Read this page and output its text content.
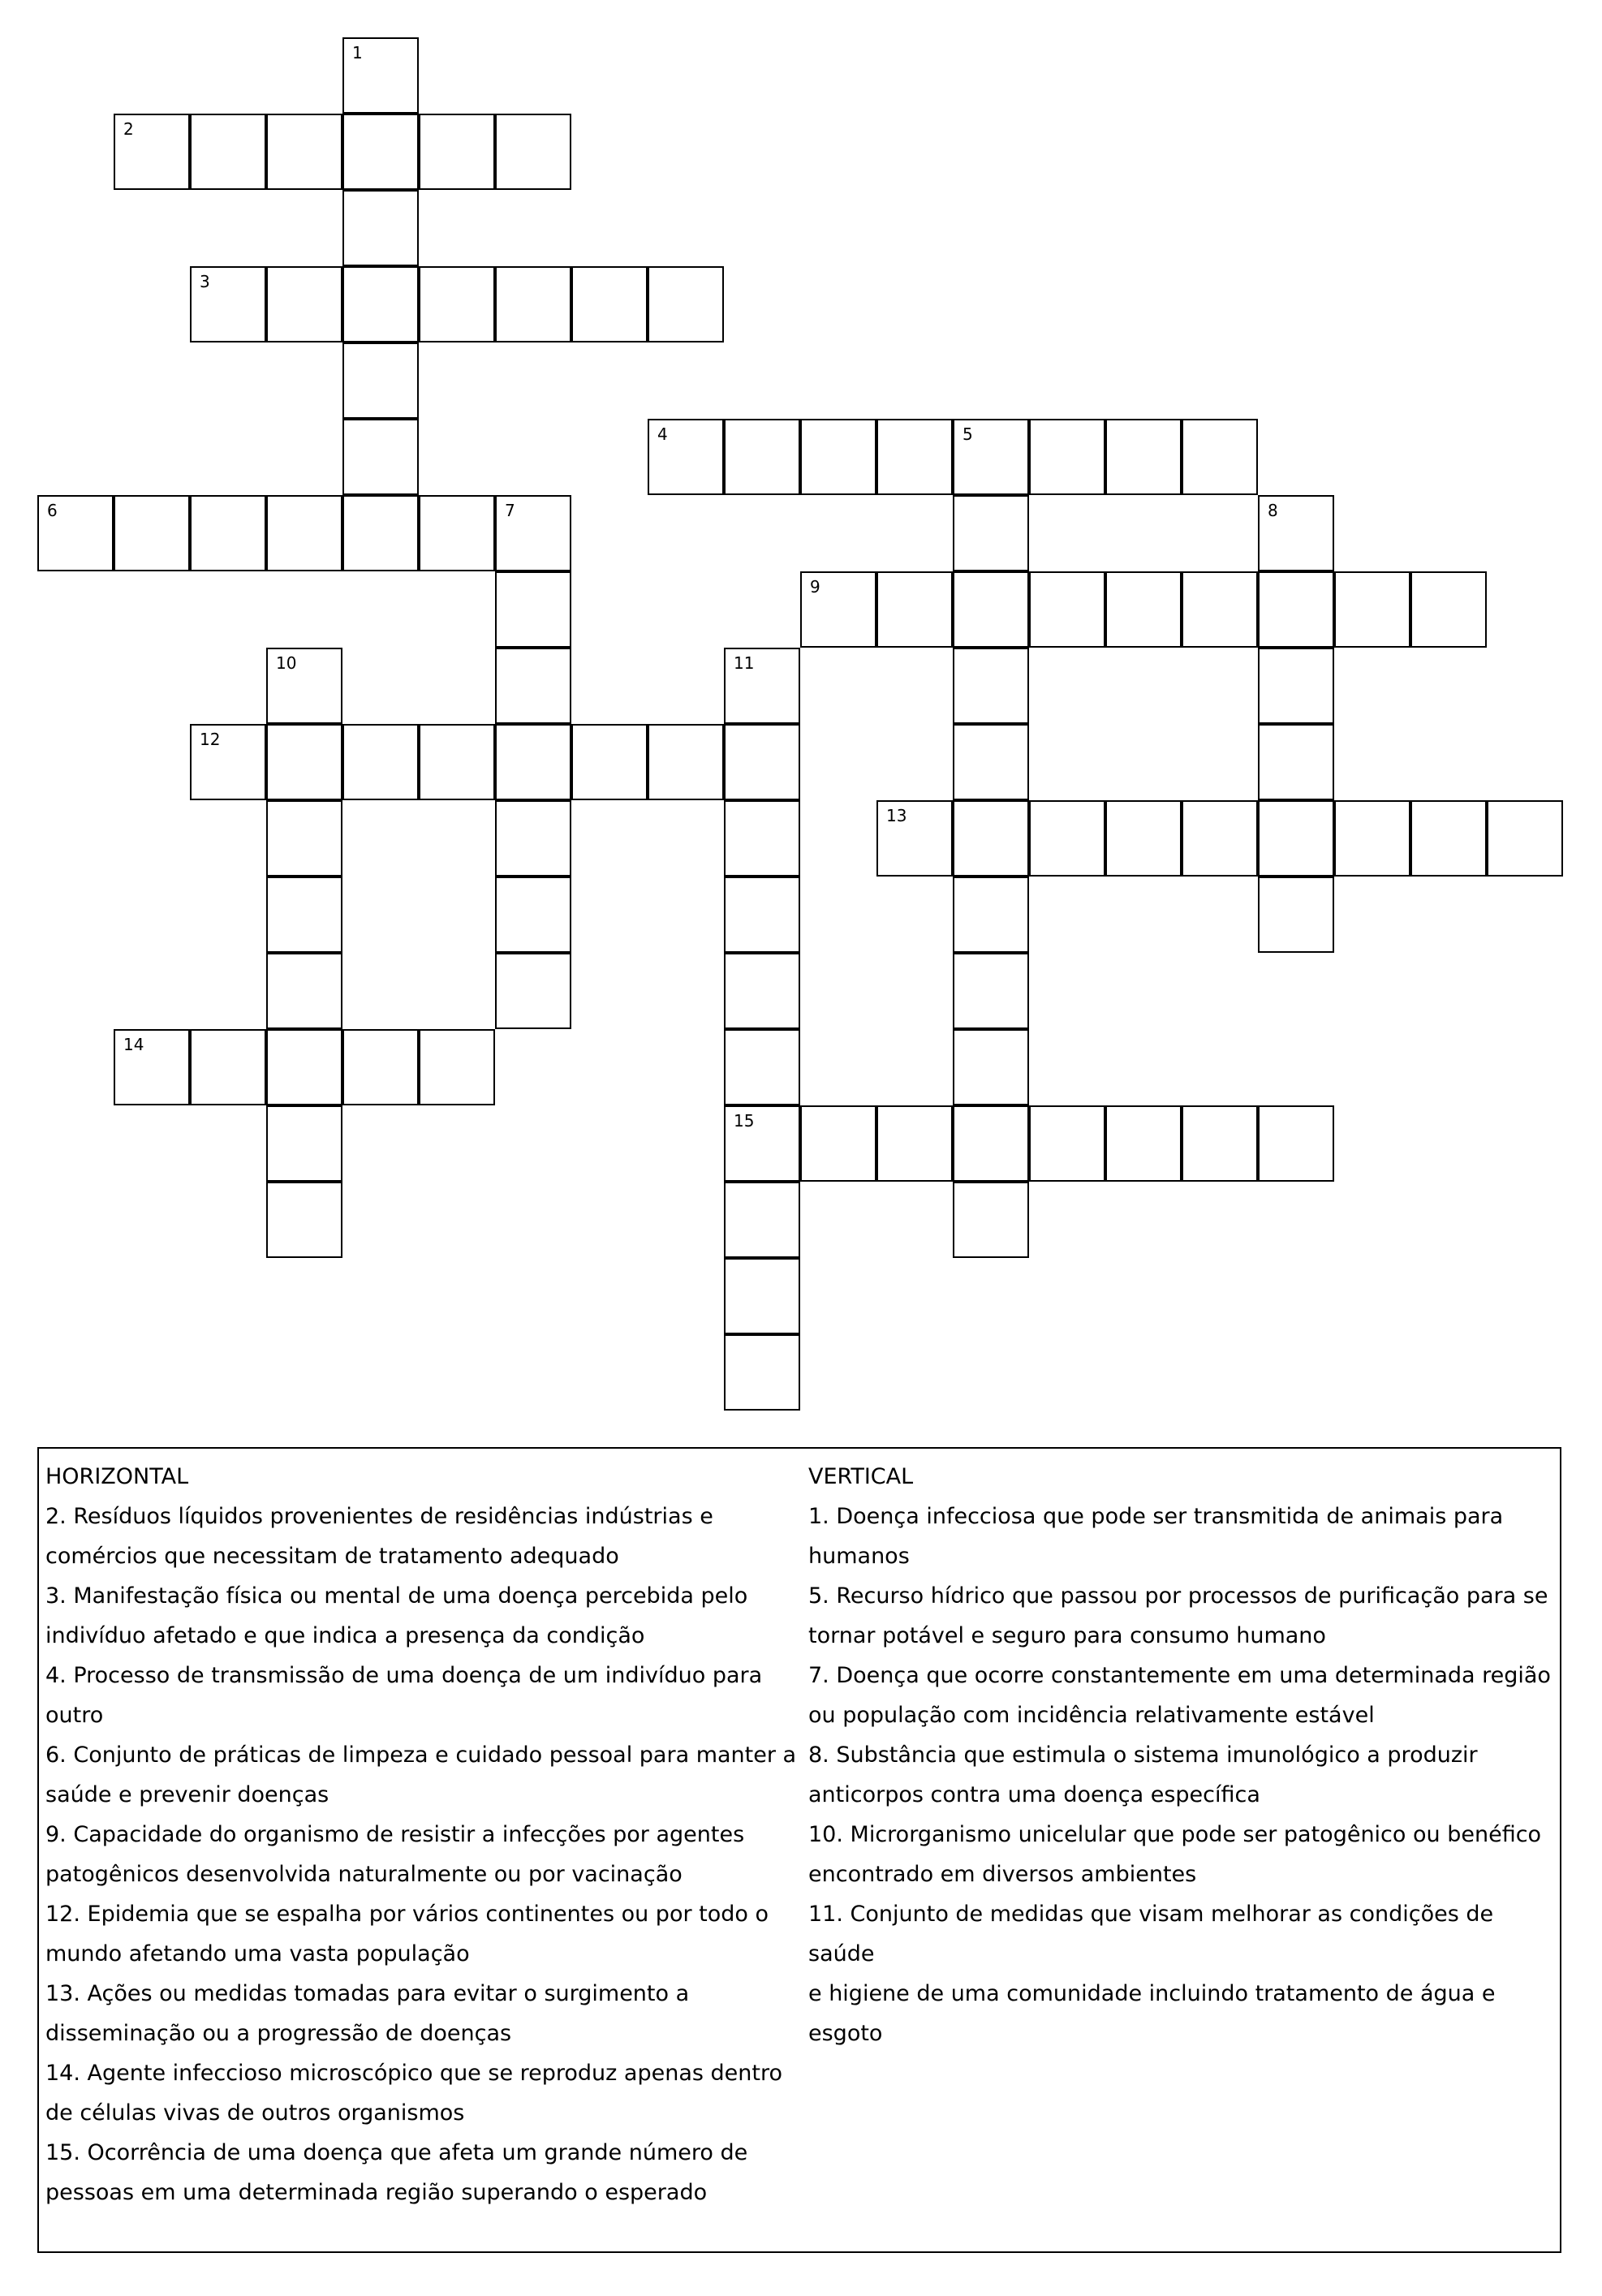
1
2
3
4	5
6	7	8
9
10	11
15
12
13
14
HORIZONTAL
2. Resíduos líquidos provenientes de residências indústrias e
comércios que necessitam de tratamento adequado
3. Manifestação física ou mental de uma doença percebida pelo
indivíduo afetado e que indica a presença da condição
4. Processo de transmissão de uma doença de um indivíduo para
outro
6. Conjunto de práticas de limpeza e cuidado pessoal para manter a
saúde e prevenir doenças
9. Capacidade do organismo de resistir a infecções por agentes
patogênicos desenvolvida naturalmente ou por vacinação
12. Epidemia que se espalha por vários continentes ou por todo o
mundo afetando uma vasta população
13. Ações ou medidas tomadas para evitar o surgimento a
disseminação ou a progressão de doenças
14. Agente infeccioso microscópico que se reproduz apenas dentro
de células vivas de outros organismos
15. Ocorrência de uma doença que afeta um grande número de
pessoas em uma determinada região superando o esperado
VERTICAL
1. Doença infecciosa que pode ser transmitida de animais para
humanos
5. Recurso hídrico que passou por processos de purificação para se
tornar potável e seguro para consumo humano
7. Doença que ocorre constantemente em uma determinada região
ou população com incidência relativamente estável
8. Substância que estimula o sistema imunológico a produzir
anticorpos contra uma doença específica
10. Microrganismo unicelular que pode ser patogênico ou benéfico
encontrado em diversos ambientes
11. Conjunto de medidas que visam melhorar as condições de saúde
e higiene de uma comunidade incluindo tratamento de água e esgoto
